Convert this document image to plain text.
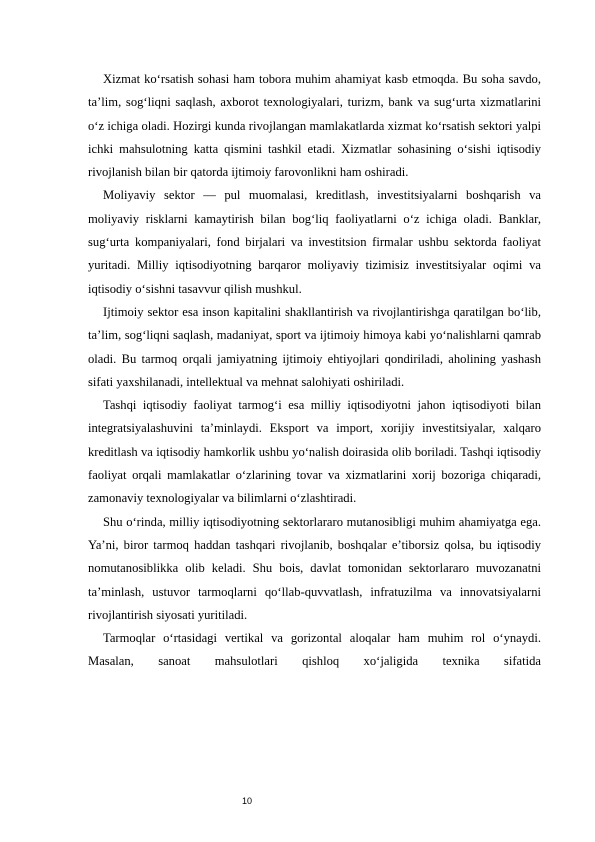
Xizmat ko‘rsatish sohasi ham tobora muhim ahamiyat kasb etmoqda. Bu soha savdo, ta’lim, sog‘liqni saqlash, axborot texnologiyalari, turizm, bank va sug‘urta xizmatlarini o‘z ichiga oladi. Hozirgi kunda rivojlangan mamlakatlarda xizmat ko‘rsatish sektori yalpi ichki mahsulotning katta qismini tashkil etadi. Xizmatlar sohasining o‘sishi iqtisodiy rivojlanish bilan bir qatorda ijtimoiy farovonlikni ham oshiradi.

Moliyaviy sektor — pul muomalasi, kreditlash, investitsiyalarni boshqarish va moliyaviy risklarni kamaytirish bilan bog‘liq faoliyatlarni o‘z ichiga oladi. Banklar, sug‘urta kompaniyalari, fond birjalari va investitsion firmalar ushbu sektorda faoliyat yuritadi. Milliy iqtisodiyotning barqaror moliyaviy tizimisiz investitsiyalar oqimi va iqtisodiy o‘sishni tasavvur qilish mushkul.

Ijtimoiy sektor esa inson kapitalini shakllantirish va rivojlantirishga qaratilgan bo‘lib, ta’lim, sog‘liqni saqlash, madaniyat, sport va ijtimoiy himoya kabi yo‘nalishlarni qamrab oladi. Bu tarmoq orqali jamiyatning ijtimoiy ehtiyojlari qondiriladi, aholining yashash sifati yaxshilanadi, intellektual va mehnat salohiyati oshiriladi.

Tashqi iqtisodiy faoliyat tarmog‘i esa milliy iqtisodiyotni jahon iqtisodiyoti bilan integratsiyalashuvini ta’minlaydi. Eksport va import, xorijiy investitsiyalar, xalqaro kreditlash va iqtisodiy hamkorlik ushbu yo‘nalish doirasida olib boriladi. Tashqi iqtisodiy faoliyat orqali mamlakatlar o‘zlarining tovar va xizmatlarini xorij bozoriga chiqaradi, zamonaviy texnologiyalar va bilimlarni o‘zlashtiradi.

Shu o‘rinda, milliy iqtisodiyotning sektorlararo mutanosibligi muhim ahamiyatga ega. Ya’ni, biror tarmoq haddan tashqari rivojlanib, boshqalar e’tiborsiz qolsa, bu iqtisodiy nomutanosiblikka olib keladi. Shu bois, davlat tomonidan sektorlararo muvozanatni ta’minlash, ustuvor tarmoqlarni qo‘llab-quvvatlash, infratuzilma va innovatsiyalarni rivojlantirish siyosati yuritiladi.

Tarmoqlar o‘rtasidagi vertikal va gorizontal aloqalar ham muhim rol o‘ynaydi. Masalan, sanoat mahsulotlari qishloq xo‘jaligida texnika sifatida

10
